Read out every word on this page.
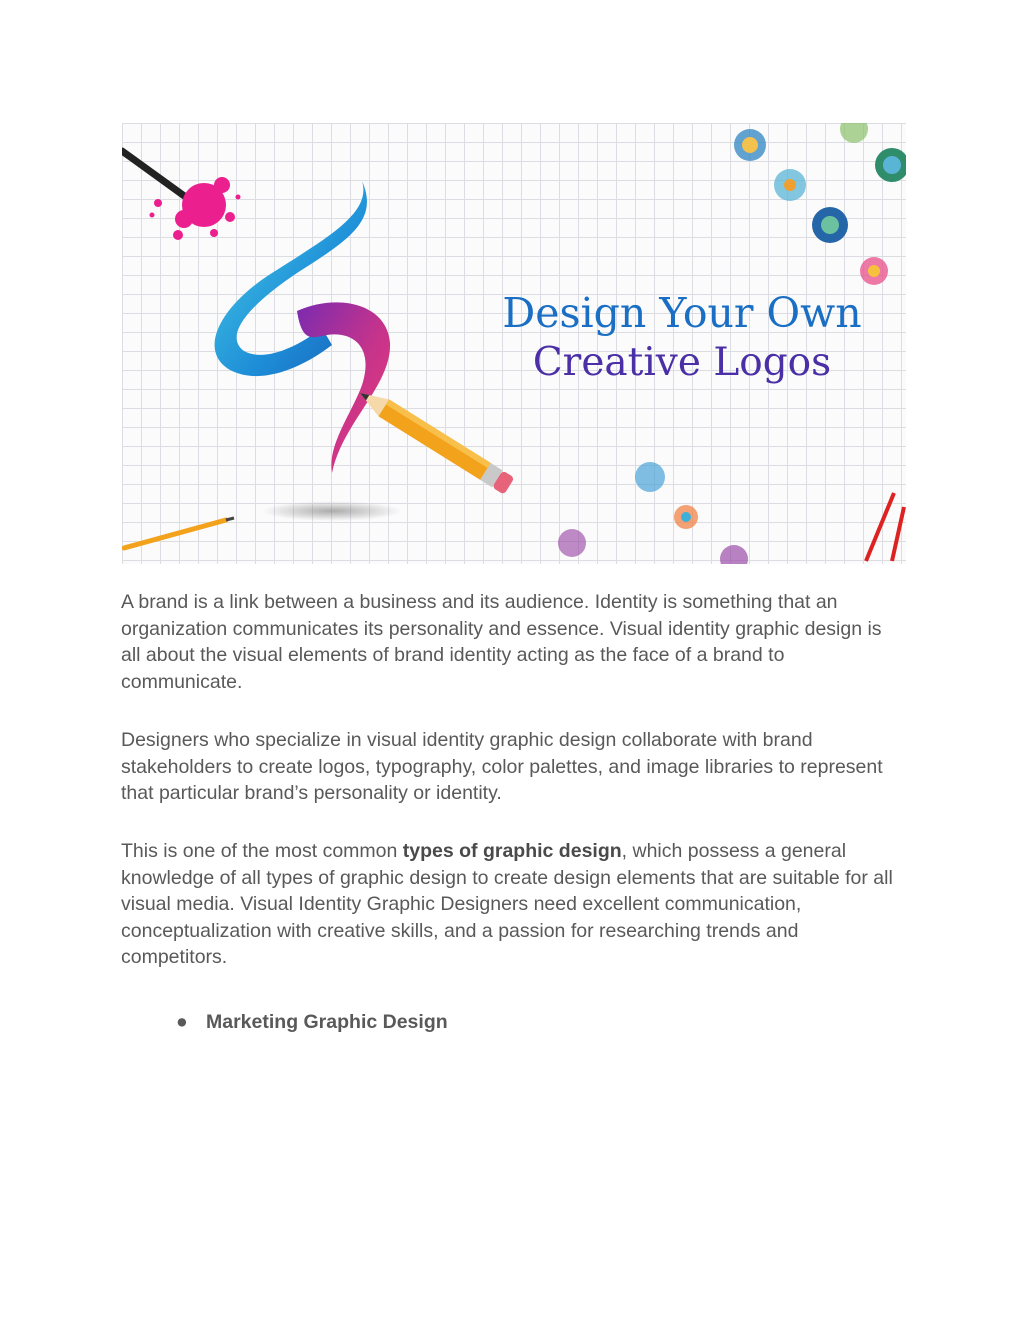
Design Your Own
Creative Logos
A brand is a link between a business and its audience. Identity is something that an organization communicates its personality and essence. Visual identity graphic design is all about the visual elements of brand identity acting as the face of a brand to communicate.
Designers who specialize in visual identity graphic design collaborate with brand stakeholders to create logos, typography, color palettes, and image libraries to represent that particular brand’s personality or identity.
This is one of the most common types of graphic design, which possess a general knowledge of all types of graphic design to create design elements that are suitable for all visual media. Visual Identity Graphic Designers need excellent communication, conceptualization with creative skills, and a passion for researching trends and competitors.
● Marketing Graphic Design
